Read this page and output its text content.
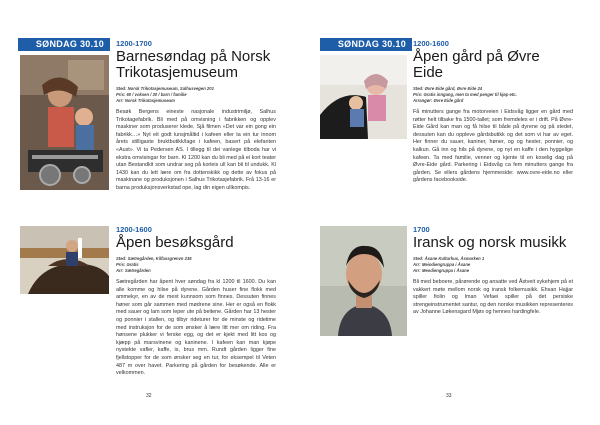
SØNDAG 30.10	1200-1700
Barnesøndag på Norsk Trikotasjemuseum
Sted: Norsk Trikotasjemuseum, Salhusvegen 201
Pris: 60 / voksen / 30 / barn / familie
Arr: Norsk Trikotasjemuseum
Besøk Bergens eineste nasjonale industrimiljø, Salhus Trikotagefabrik. Bli med på omvisning i fabrikken og opplev maskiner som produserer klede. Sjå filmen «Det var ein gong ein fabrikk…» Nyt eit godt lunsjmåltid i kafeen eller ta ein tur innom årets stilligaste bruktbutikk/lage i kafeen, basert på elefanten «Aust». Vi ta Pedersen AS. I tillegg til dei vanlege tilboda har vi ekstra omvisingar for barn. Kl 1200 kan du bli med på ei kort teater utan Bestandkit som undrar seg på korleis ull kan bli til undukk. Kl 1430 kan du lett lære om fra dottenskikk og dette av fokus på maskinane og produksjonen i Salhus Trikotasjefabrik. Frå 13-16 er barna produksjonsverkstad ope, lag din eigen ullkompis.
1200-1600
Åpen besøksgård
Sted: Sætregården, Kilfassgrenvn 235
Pris: Gratis
Arr: Sætregården
Sætregården har åpent hver søndag fra kl 1200 til 1600. Du kan alle komme og hilse på dyrene. Gården huser fine flokk med ammekyr, en av de mest kunnsom som finnes. Dessuten finnes høner som går sammen med mødrene sine. Her er også en flokk med sauer og lam som leper ute på beitene. Gården har 13 hester og ponnier i stallen, og tilbyr rideturer for de minste og ridetime med instruksjon for de som ønsker å lære litt mer om riding. Fra hønsene plukker vi ferske egg, og det er kjekt med litt kos og kjæpp på marsvinene og kaninene. I kafeen kan man kjøpe nystekte vafler, kaffe, is, brus mm. Rundt gården ligger fine fjellstopper for de som ønsker seg en tur, for eksempel til Veten 487 m over havet. Parkering på gården for besøkende. Alle er velkommen.
32
SØNDAG 30.10 1200-1600
Åpen gård på Øvre Eide
Sted: Øvre Eide gård, Øvre Eide 24
Pris: Gratis inngang, men ta med penger til kjøp etc.
Arrangør: Øvre Eide gård
Få minutters gange fra motorveien i Eidsvåg ligger en gård med røtter helt tilbake fra 1500-tallet; som fremdeles er i drift. På Øvre-Eide Gård kan man og få hilse til både på dyrene og på stedet, dessuten kan du oppleve gårdsbutikk og det som vi har av eget. Her finner du sauer, kaniner, høner, og og hester, ponnier, og kalkun. Gå inn og hils på dyrene, og nyt en kaffe i den hyggelige kafeen. Ta med familie, venner og kjente til en koselig dag på Øvre-Eide gård. Parkering i Eidsvåg ca fem minutters gange fra gården. Se ellers gårdens hjemmeside: www.ovre-eide.no eller gårdens facebookside.
1700
Iransk og norsk musikk
Sted: Åsane Kulturhus, Åsmarken 1
Arr: Meiodiengruppa i Åsane
Arr: Meodiengruppa i Åsane
Bli med beboere, pårørende og ansatte ved Åstveit sykehjem på et vakkert møte mellom norsk og iransk folkemusikk. Ehsan Hajjar spiller fiolin og Iman Vefaei spiller på det persiske strengeinstrumentet santur, og den norske musikken representeres av Johanne Løkensgard Mjøs og hennes hardingfele.
33
